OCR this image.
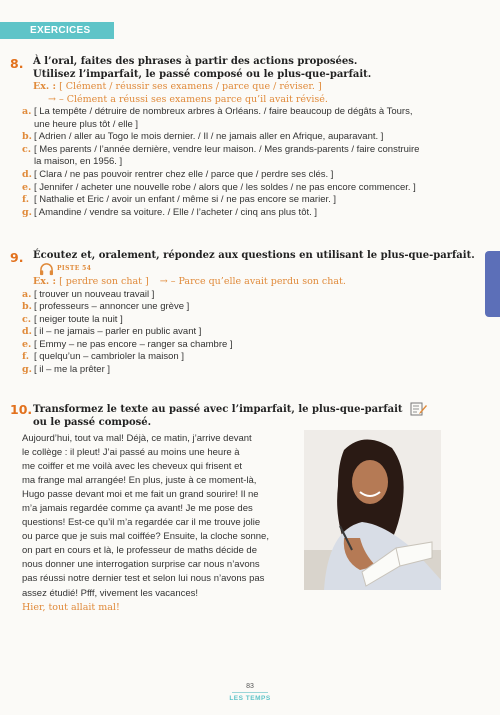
EXERCICES
8. À l’oral, faites des phrases à partir des actions proposées.
Utilisez l’imparfait, le passé composé ou le plus-que-parfait.
Ex. : [ Clément / réussir ses examens / parce que / réviser. ]
→ – Clément a réussi ses examens parce qu’il avait révisé.
a. [ La tempête / détruire de nombreux arbres à Orléans. / faire beaucoup de dégâts à Tours,
une heure plus tôt / elle ]
b. [ Adrien / aller au Togo le mois dernier. / Il / ne jamais aller en Afrique, auparavant. ]
c. [ Mes parents / l’année dernière, vendre leur maison. / Mes grands-parents / faire construire
la maison, en 1956. ]
d. [ Clara / ne pas pouvoir rentrer chez elle / parce que / perdre ses clés. ]
e. [ Jennifer / acheter une nouvelle robe / alors que / les soldes / ne pas encore commencer. ]
f. [ Nathalie et Eric / avoir un enfant / même si / ne pas encore se marier. ]
g. [ Amandine / vendre sa voiture. / Elle / l’acheter / cinq ans plus tôt. ]
9. Écoutez et, oralement, répondez aux questions en utilisant le plus-que-parfait.
PISTE 54
Ex. : [ perdre son chat ] → – Parce qu’elle avait perdu son chat.
a. [ trouver un nouveau travail ]
b. [ professeurs – annoncer une grève ]
c. [ neiger toute la nuit ]
d. [ il – ne jamais – parler en public avant ]
e. [ Emmy – ne pas encore – ranger sa chambre ]
f. [ quelqu’un – cambrioler la maison ]
g. [ il – me la prêter ]
10. Transformez le texte au passé avec l’imparfait, le plus-que-parfait
ou le passé composé.
Aujourd’hui, tout va mal! Déjà, ce matin, j’arrive devant
le collège : il pleut! J’ai passé au moins une heure à
me coiffer et me voilà avec les cheveux qui frisent et
ma frange mal arrangée! En plus, juste à ce moment-là,
Hugo passe devant moi et me fait un grand sourire! Il ne
m’a jamais regardée comme ça avant! Je me pose des
questions! Est-ce qu’il m’a regardée car il me trouve jolie
ou parce que je suis mal coiffée? Ensuite, la cloche sonne,
on part en cours et là, le professeur de maths décide de
nous donner une interrogation surprise car nous n’avons
pas réussi notre dernier test et selon lui nous n’avons pas
assez étudié! Pfff, vivement les vacances!
Hier, tout allait mal!
83
LES TEMPS
